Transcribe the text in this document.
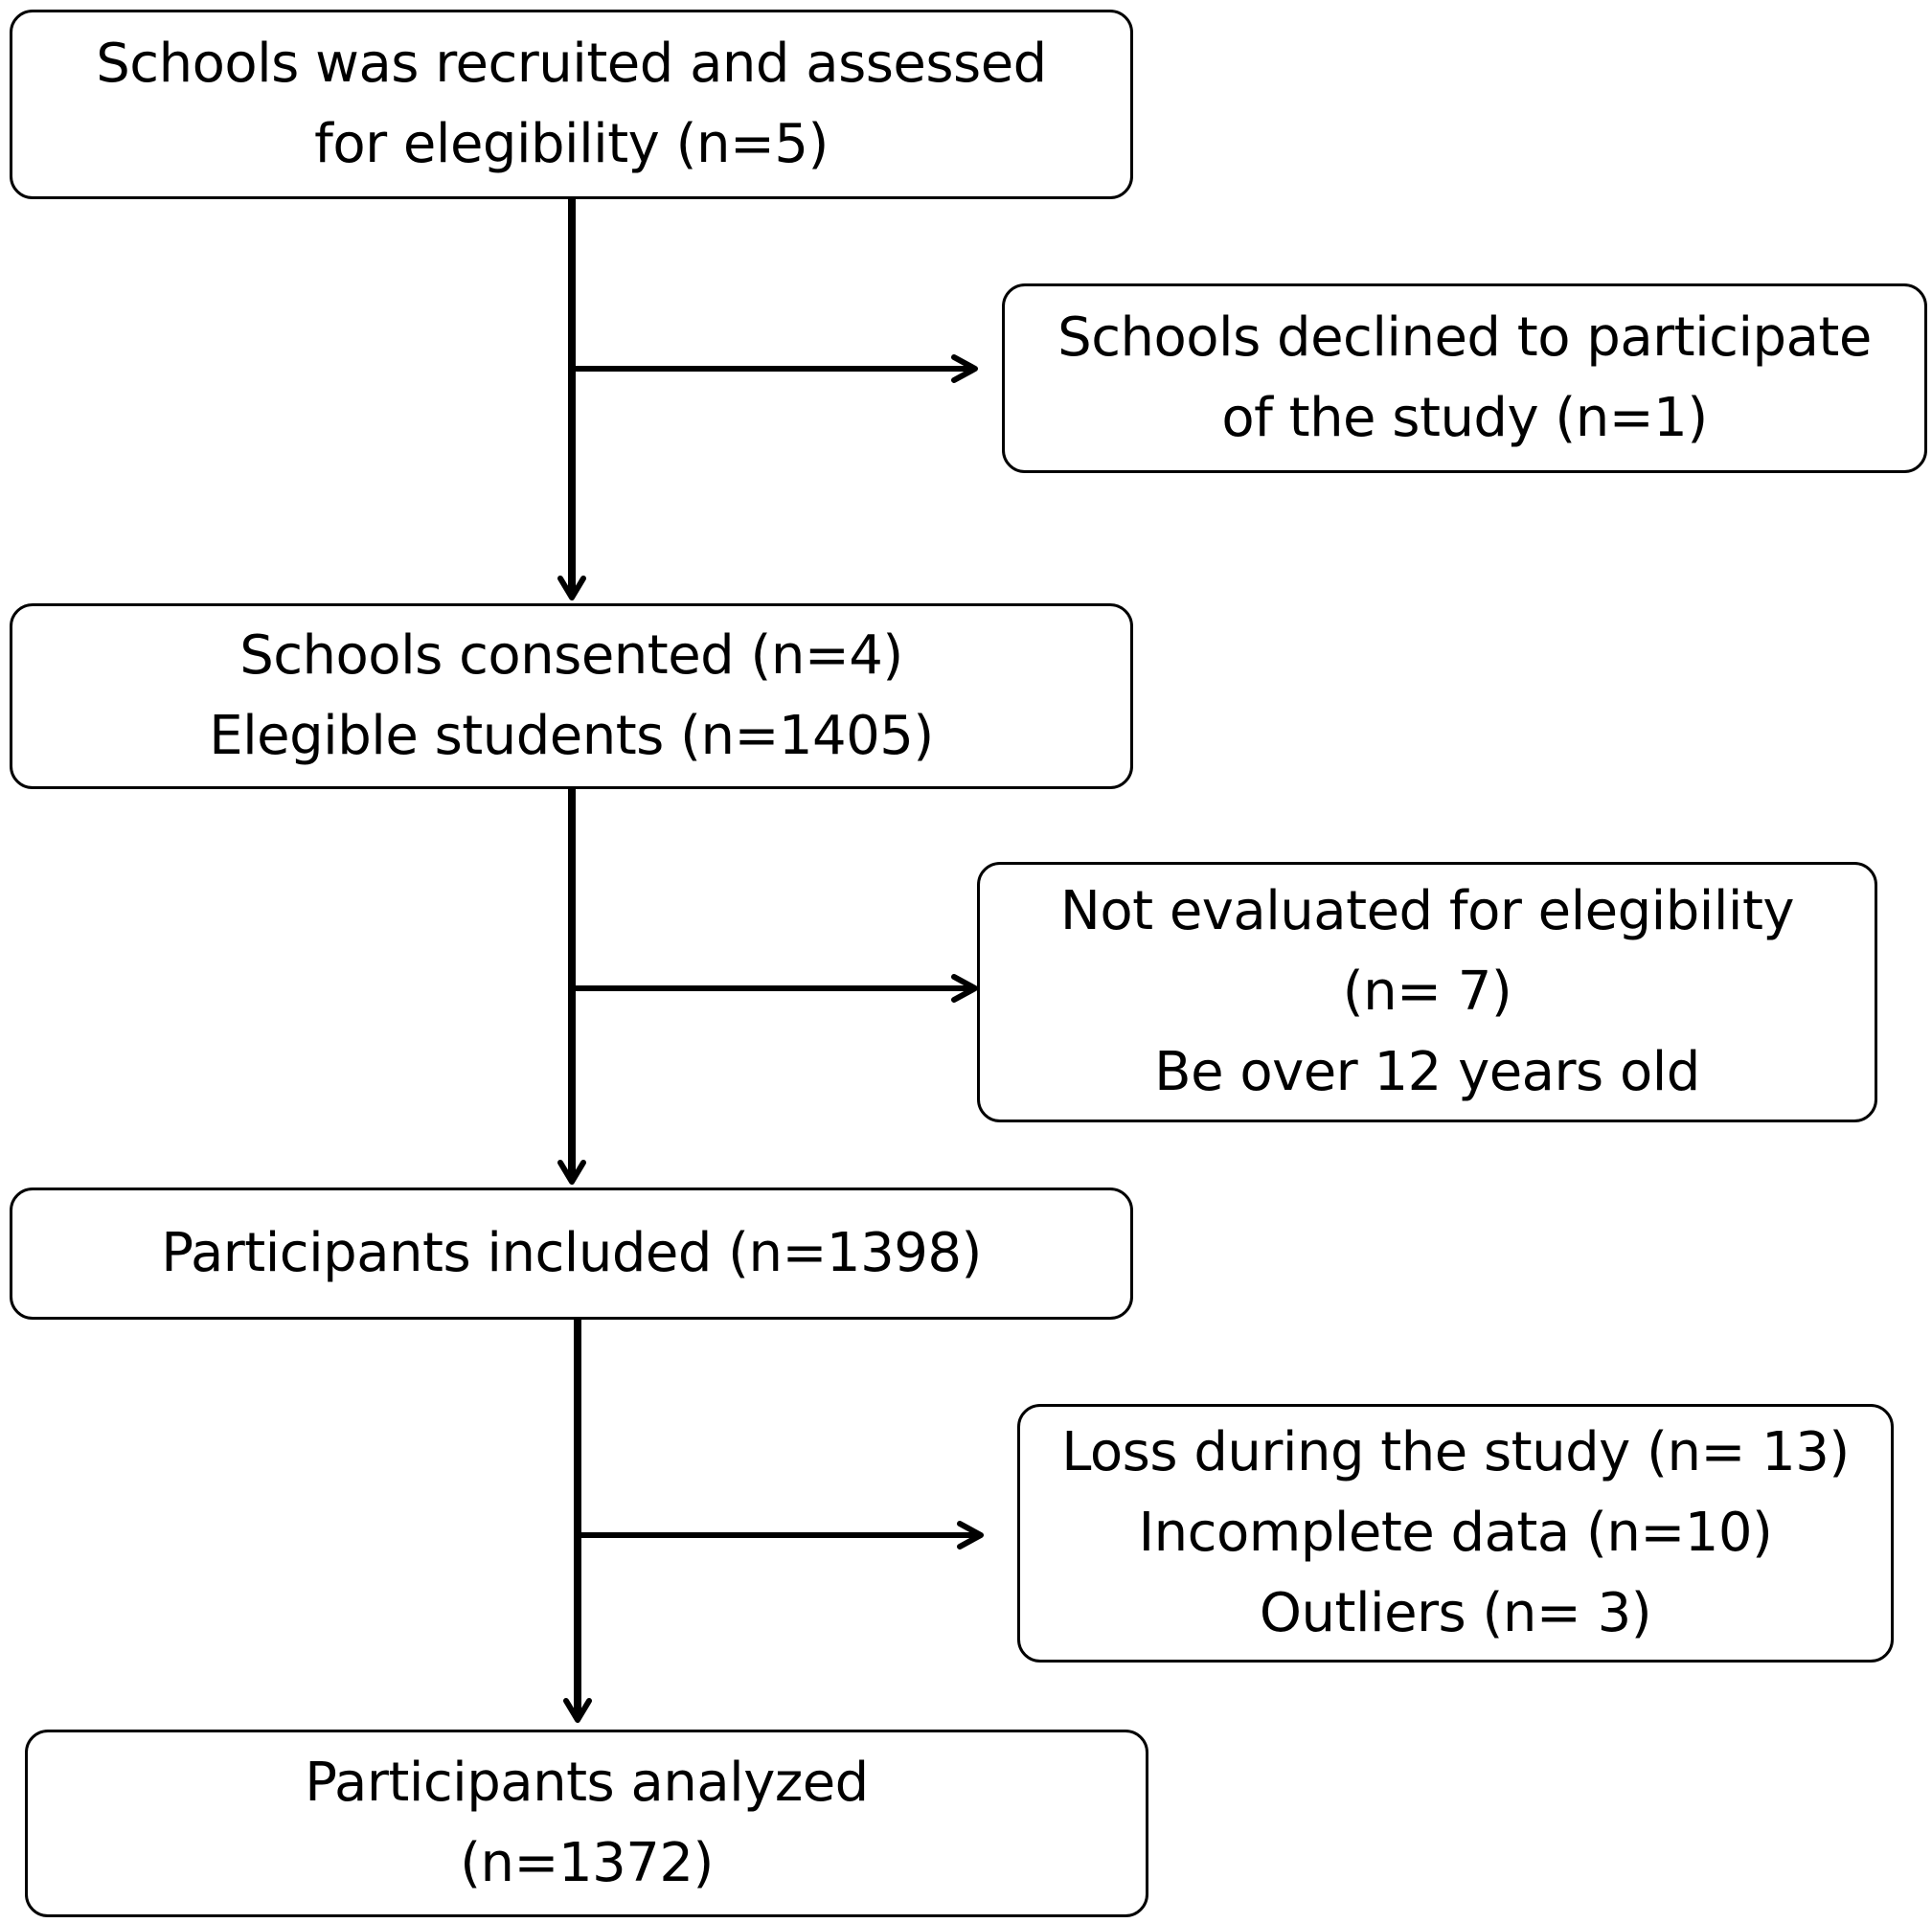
Schools was recruited and assessed
for elegibility (n=5)
Schools declined to participate
of the study (n=1)
Schools consented (n=4)
Elegible students (n=1405)
Not evaluated for elegibility
(n= 7)
Be over 12 years old
Participants included (n=1398)
Loss during the study (n= 13)
Incomplete data (n=10)
Outliers (n= 3)
Participants analyzed
(n=1372)
